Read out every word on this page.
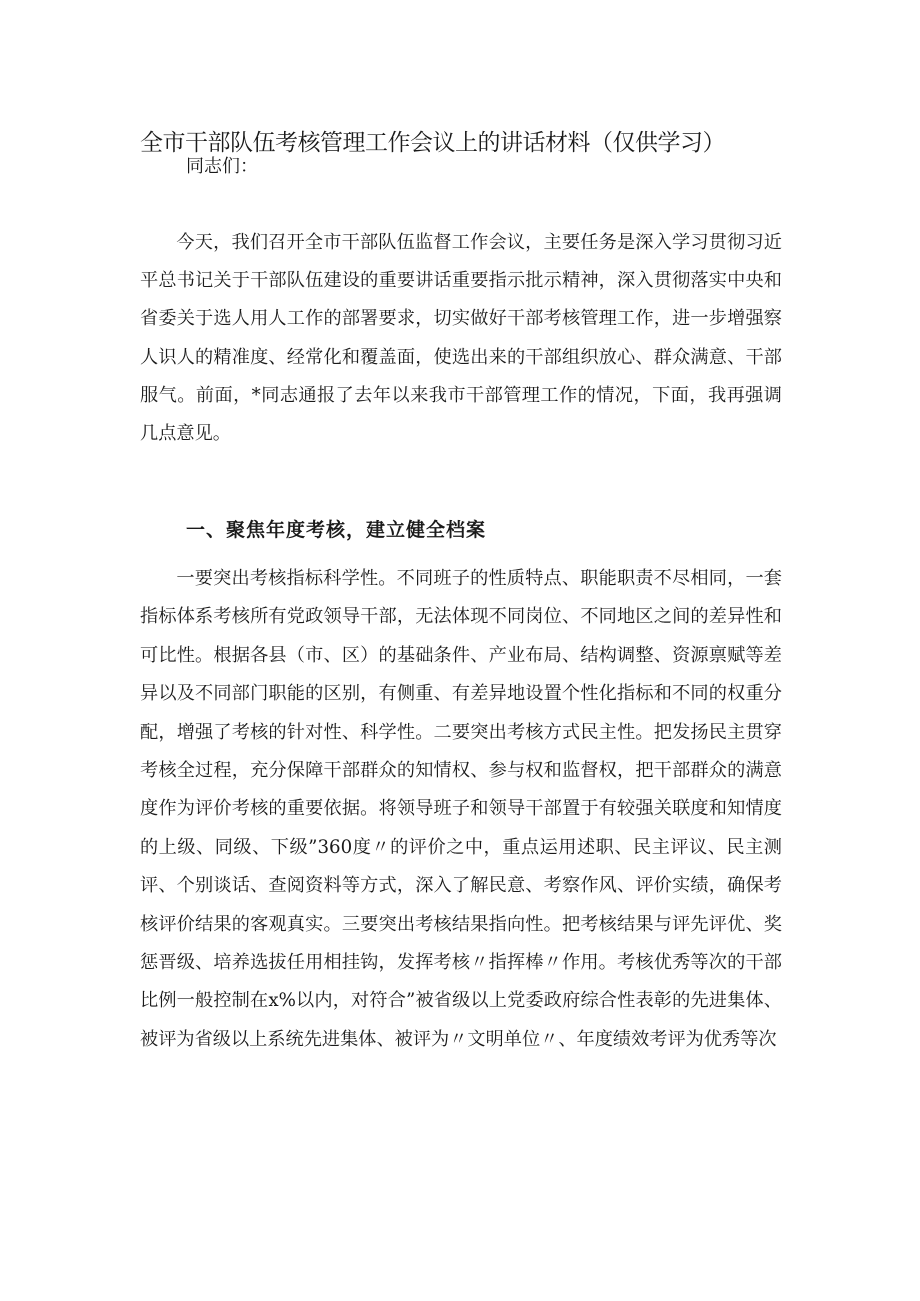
全市干部队伍考核管理工作会议上的讲话材料（仅供学习）

同志们：

今天，我们召开全市干部队伍监督工作会议，主要任务是深入学习贯彻习近平总书记关于干部队伍建设的重要讲话重要指示批示精神，深入贯彻落实中央和省委关于选人用人工作的部署要求，切实做好干部考核管理工作，进一步增强察人识人的精准度、经常化和覆盖面，使选出来的干部组织放心、群众满意、干部服气。前面，*同志通报了去年以来我市干部管理工作的情况，下面，我再强调几点意见。

一、聚焦年度考核，建立健全档案

一要突出考核指标科学性。不同班子的性质特点、职能职责不尽相同，一套指标体系考核所有党政领导干部，无法体现不同岗位、不同地区之间的差异性和可比性。根据各县（市、区）的基础条件、产业布局、结构调整、资源禀赋等差异以及不同部门职能的区别，有侧重、有差异地设置个性化指标和不同的权重分配，增强了考核的针对性、科学性。二要突出考核方式民主性。把发扬民主贯穿考核全过程，充分保障干部群众的知情权、参与权和监督权，把干部群众的满意度作为评价考核的重要依据。将领导班子和领导干部置于有较强关联度和知情度的上级、同级、下级”360度〃的评价之中，重点运用述职、民主评议、民主测评、个别谈话、查阅资料等方式，深入了解民意、考察作风、评价实绩，确保考核评价结果的客观真实。三要突出考核结果指向性。把考核结果与评先评优、奖惩晋级、培养选拔任用相挂钩，发挥考核〃指挥棒〃作用。考核优秀等次的干部比例一般控制在x%以内，对符合”被省级以上党委政府综合性表彰的先进集体、被评为省级以上系统先进集体、被评为〃文明单位〃、年度绩效考评为优秀等次
